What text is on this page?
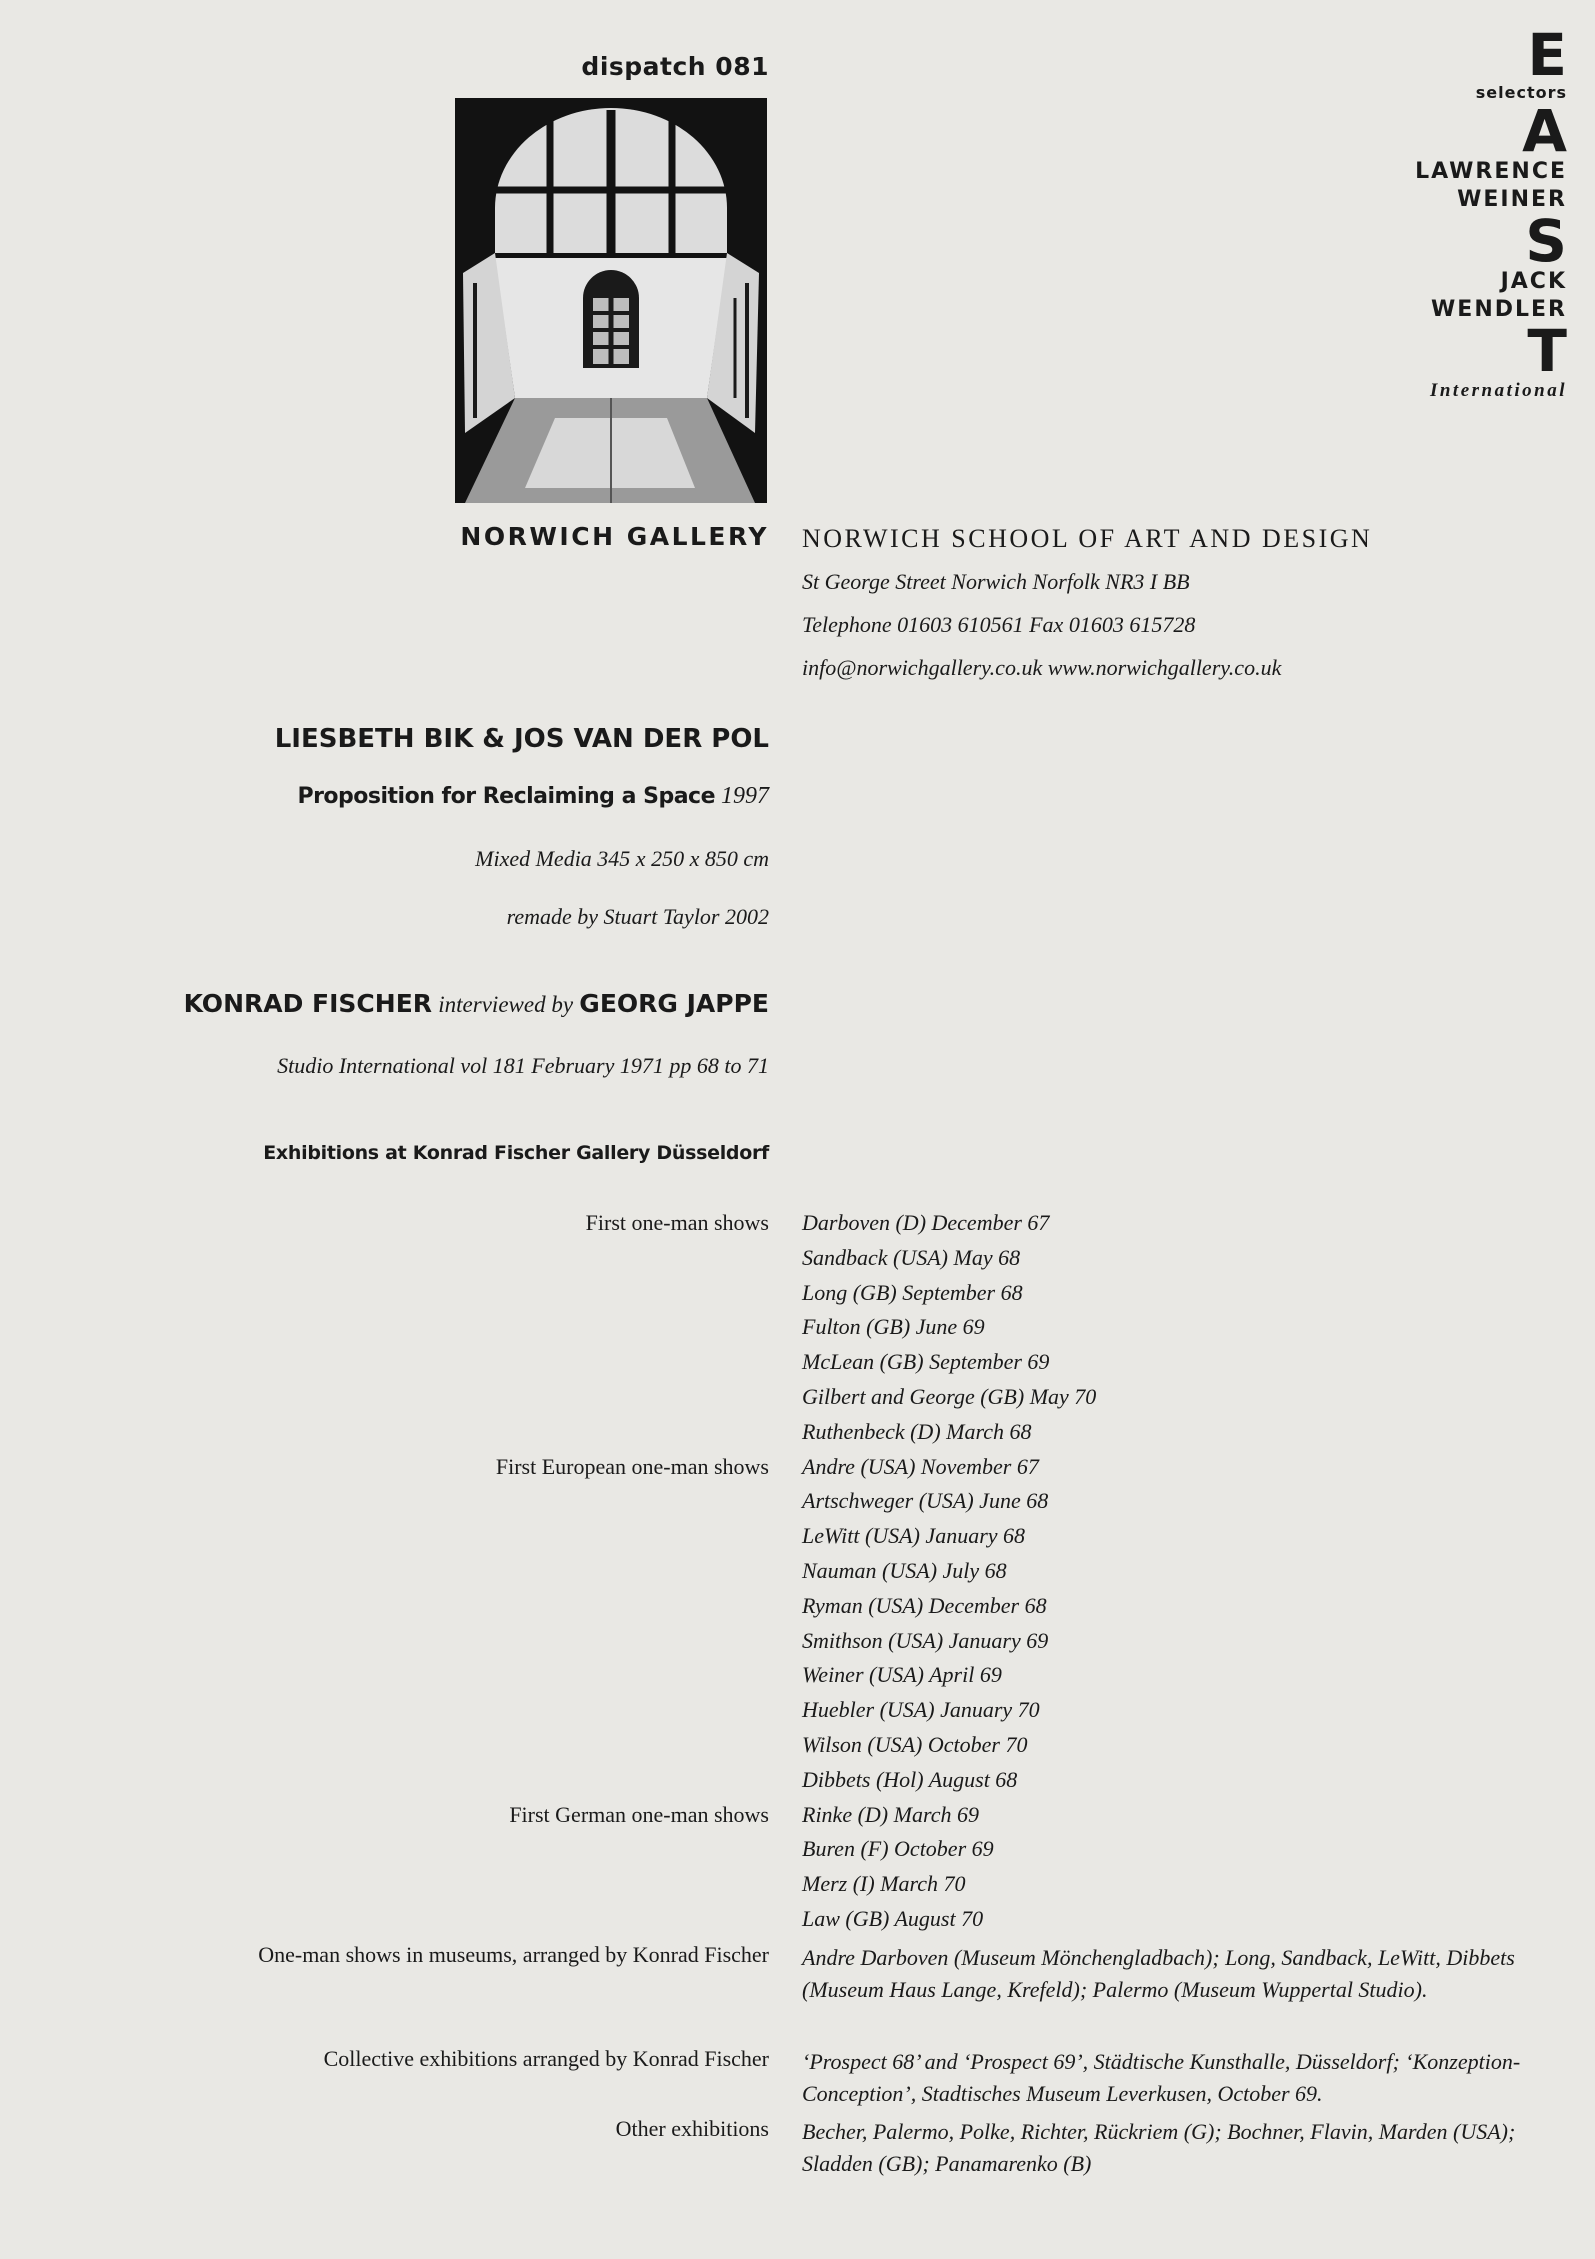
dispatch 081	E
selectors
A
LAWRENCE
WEINER
S
JACK
WENDLER
T
International
NORWICH GALLERY NORWICH SCHOOL OF ART AND DESIGN
St George Street Norwich Norfolk NR3 I BB
Telephone 01603 610561 Fax 01603 615728
info@norwichgallery.co.uk www.norwichgallery.co.uk
LIESBETH BIK & JOS VAN DER POL
Proposition for Reclaiming a Space 1997
Mixed Media 345 x 250 x 850 cm
remade by Stuart Taylor 2002
KONRAD FISCHER interviewed by GEORG JAPPE
Studio International vol 181 February 1971 pp 68 to 71
Exhibitions at Konrad Fischer Gallery Düsseldorf
First one-man shows Darboven (D) December 67
Sandback (USA) May 68
Long (GB) September 68
Fulton (GB) June 69
McLean (GB) September 69
Gilbert and George (GB) May 70
Ruthenbeck (D) March 68
First European one-man shows Andre (USA) November 67
Artschweger (USA) June 68
LeWitt (USA) January 68
Nauman (USA) July 68
Ryman (USA) December 68
Smithson (USA) January 69
Weiner (USA) April 69
Huebler (USA) January 70
Wilson (USA) October 70
Dibbets (Hol) August 68
First German one-man shows Rinke (D) March 69
Buren (F) October 69
Merz (I) March 70
Law (GB) August 70
One-man shows in museums, arranged by Konrad Fischer Andre Darboven (Museum Mönchengladbach); Long, Sandback, LeWitt, Dibbets (Museum Haus Lange, Krefeld); Palermo (Museum Wuppertal Studio).
Collective exhibitions arranged by Konrad Fischer ‘Prospect 68’ and ‘Prospect 69’, Städtische Kunsthalle, Düsseldorf; ‘Konzeption-Conception’, Stadtisches Museum Leverkusen, October 69.
Other exhibitions Becher, Palermo, Polke, Richter, Rückriem (G); Bochner, Flavin, Marden (USA); Sladden (GB); Panamarenko (B)
